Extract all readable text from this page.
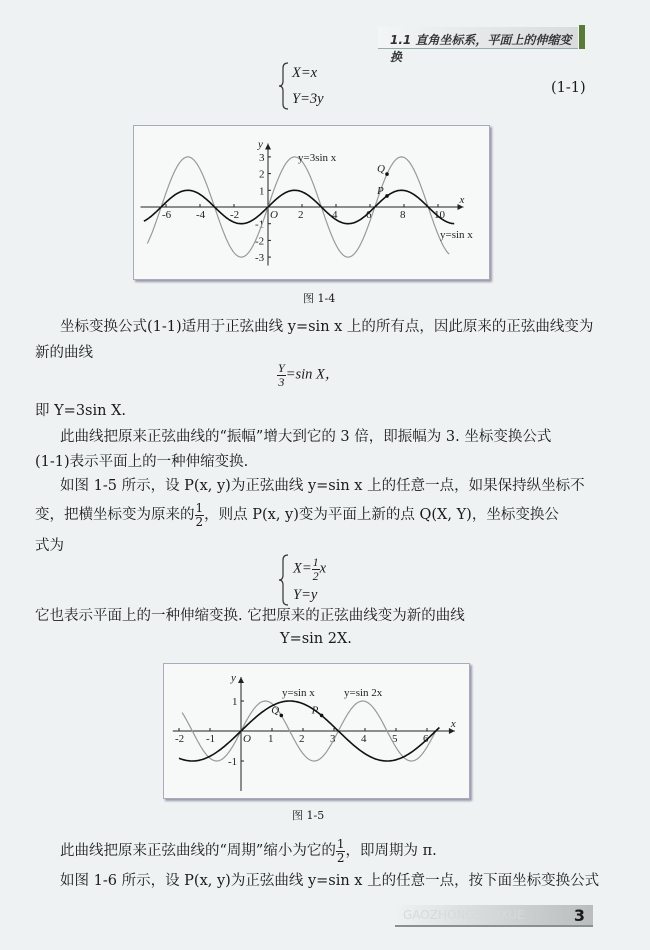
1.1 直角坐标系，平面上的伸缩变换
X=x
Y=3y
(1-1)
图 1-4
坐标变换公式(1-1)适用于正弦曲线 y=sin x 上的所有点，因此原来的正弦曲线变为
新的曲线
$\frac{Y}{3} =\sin$ X，
即 Y=3sin X.
此曲线把原来正弦曲线的“振幅”增大到它的 3 倍，即振幅为 3. 坐标变换公式
(1-1)表示平面上的一种伸缩变换.
如图 1-5 所示，设 P(x, y)为正弦曲线 y=sin x 上的任意一点，如果保持纵坐标不
变，把横坐标变为原来的 $\frac{1}{2}$ ，则点 P(x, y)变为平面上新的点 Q(X, Y)，坐标变换公
式为
$X= \frac{1}{2}$ x
Y=y
它也表示平面上的一种伸缩变换. 它把原来的正弦曲线变为新的曲线
Y=sin 2X.
图 1-5
此曲线把原来正弦曲线的“周期”缩小为它的 $\frac{1}{2}$ ，即周期为 π.
如图 1-6 所示，设 P(x, y)为正弦曲线 y=sin x 上的任意一点，按下面坐标变换公式
GAOZHONGSHUXUE	3
x
y
O
-6 -4 -2	2	4	6	8	10
-3
-2
-1
1
2
3
y=sin x
y=3sin x
Q
P
x
y
O
-2 -1	1 2 3 4 5 6
-1
1
y=sin x	y=sin 2x
Q	P
